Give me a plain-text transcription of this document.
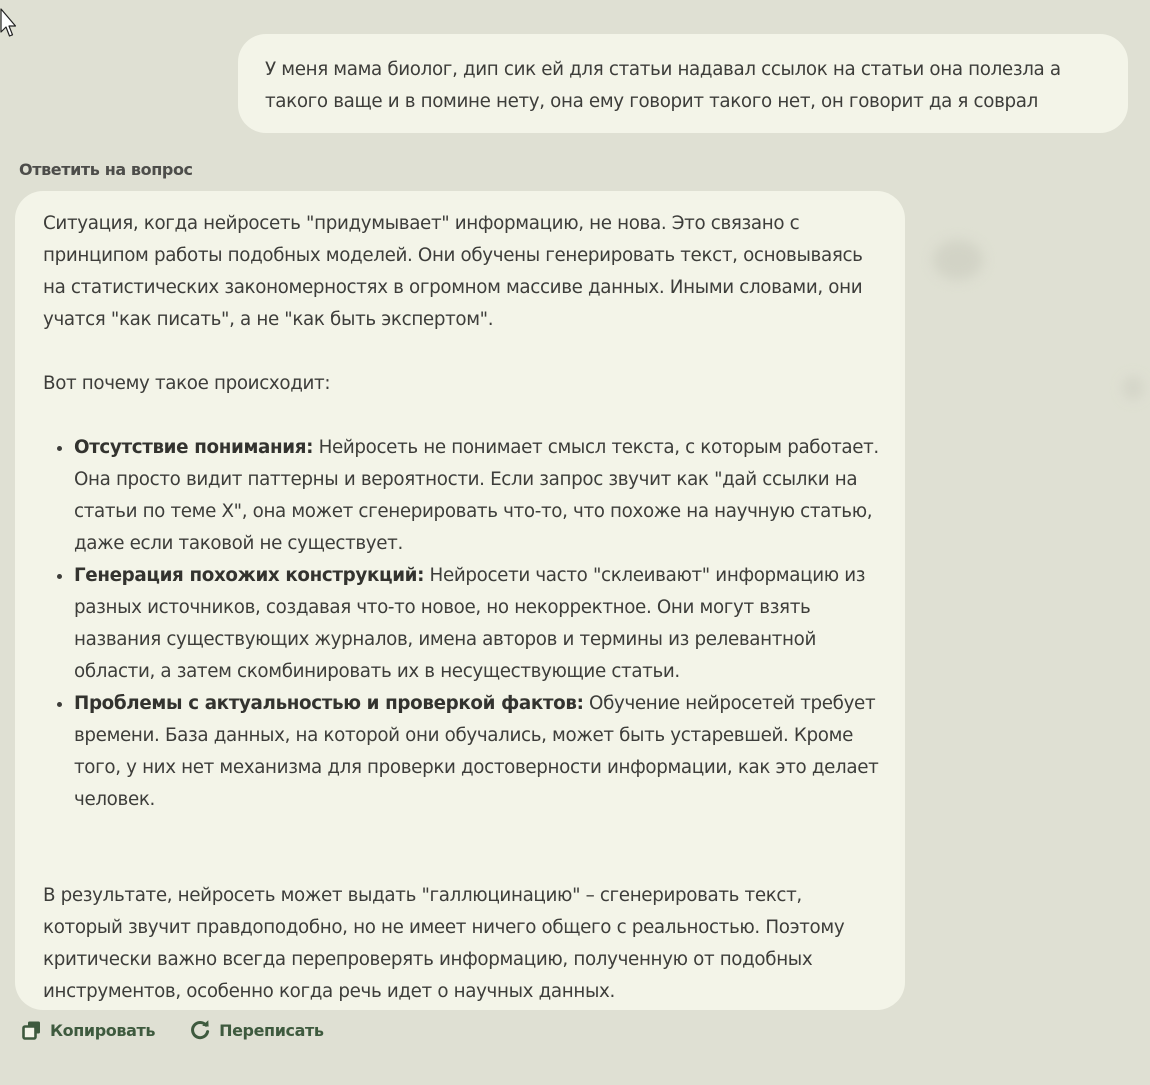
У меня мама биолог, дип сик ей для статьи надавал ссылок на статьи она полезла а такого ваще и в помине нету, она ему говорит такого нет, он говорит да я соврал
Ответить на вопрос

Ситуация, когда нейросеть "придумывает" информацию, не нова. Это связано с принципом работы подобных моделей. Они обучены генерировать текст, основываясь на статистических закономерностях в огромном массиве данных. Иными словами, они учатся "как писать", а не "как быть экспертом".

Вот почему такое происходит:

• Отсутствие понимания: Нейросеть не понимает смысл текста, с которым работает. Она просто видит паттерны и вероятности. Если запрос звучит как "дай ссылки на статьи по теме X", она может сгенерировать что-то, что похоже на научную статью, даже если таковой не существует.
• Генерация похожих конструкций: Нейросети часто "склеивают" информацию из разных источников, создавая что-то новое, но некорректное. Они могут взять названия существующих журналов, имена авторов и термины из релевантной области, а затем скомбинировать их в несуществующие статьи.
• Проблемы с актуальностью и проверкой фактов: Обучение нейросетей требует времени. База данных, на которой они обучались, может быть устаревшей. Кроме того, у них нет механизма для проверки достоверности информации, как это делает человек.

В результате, нейросеть может выдать "галлюцинацию" – сгенерировать текст, который звучит правдоподобно, но не имеет ничего общего с реальностью. Поэтому критически важно всегда перепроверять информацию, полученную от подобных инструментов, особенно когда речь идет о научных данных.

Копировать	Переписать
